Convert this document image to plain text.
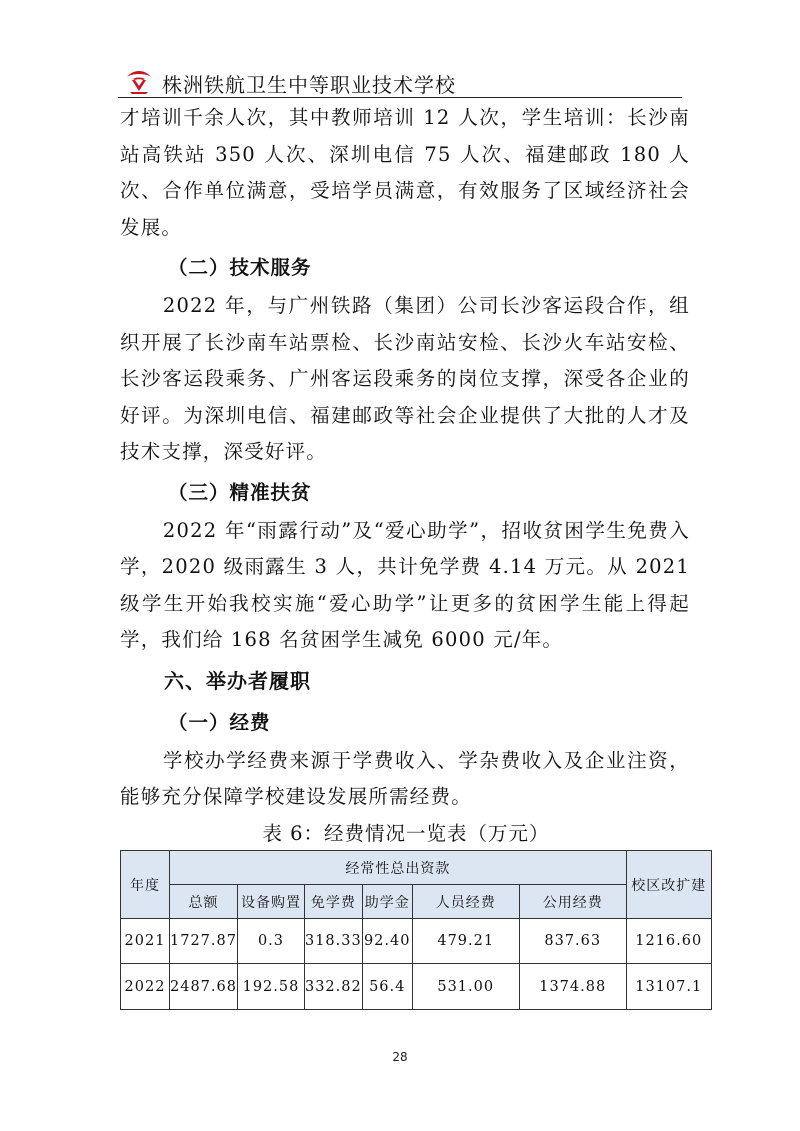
株洲铁航卫生中等职业技术学校

才培训千余人次，其中教师培训 12 人次，学生培训：长沙南站高铁站 350 人次、深圳电信 75 人次、福建邮政 180 人次、合作单位满意，受培学员满意，有效服务了区域经济社会发展。

（二）技术服务

2022 年，与广州铁路（集团）公司长沙客运段合作，组织开展了长沙南车站票检、长沙南站安检、长沙火车站安检、长沙客运段乘务、广州客运段乘务的岗位支撑，深受各企业的好评。为深圳电信、福建邮政等社会企业提供了大批的人才及技术支撑，深受好评。

（三）精准扶贫

2022 年“雨露行动”及“爱心助学”，招收贫困学生免费入学，2020 级雨露生 3 人，共计免学费 4.14 万元。从 2021 级学生开始我校实施“爱心助学”让更多的贫困学生能上得起学，我们给 168 名贫困学生减免 6000 元/年。

六、举办者履职

（一）经费

学校办学经费来源于学费收入、学杂费收入及企业注资，能够充分保障学校建设发展所需经费。

表 6：经费情况一览表（万元）
年度	经常性总出资款						校区改扩建
	总额	设备购置	免学费	助学金	人员经费	公用经费	
2021	1727.87	0.3	318.33	92.40	479.21	837.63	1216.60
2022	2487.68	192.58	332.82	56.4	531.00	1374.88	13107.1
28
